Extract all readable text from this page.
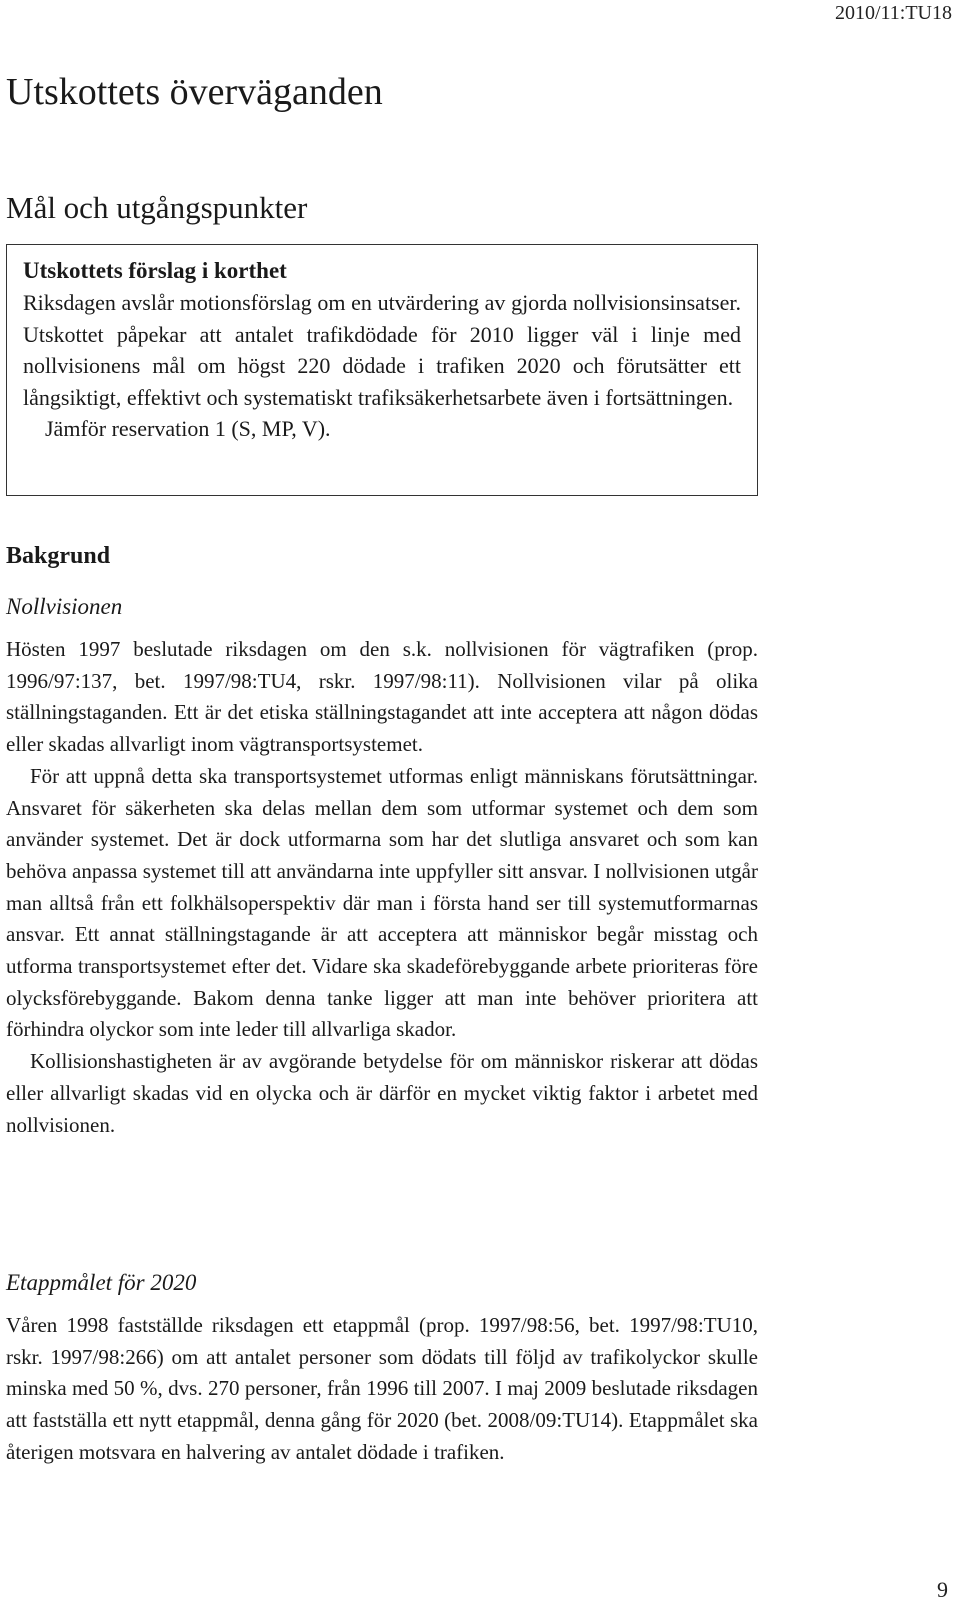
2010/11:TU18
Utskottets överväganden
Mål och utgångspunkter

Utskottets förslag i korthet

Riksdagen avslår motionsförslag om en utvärdering av gjorda nollvisionsinsatser. Utskottet påpekar att antalet trafikdödade för 2010 ligger väl i linje med nollvisionens mål om högst 220 dödade i trafiken 2020 och förutsätter ett långsiktigt, effektivt och systematiskt trafiksäkerhetsarbete även i fortsättningen.

Jämför reservation 1 (S, MP, V).

Bakgrund
Nollvisionen

Hösten 1997 beslutade riksdagen om den s.k. nollvisionen för vägtrafiken (prop. 1996/97:137, bet. 1997/98:TU4, rskr. 1997/98:11). Nollvisionen vilar på olika ställningstaganden. Ett är det etiska ställningstagandet att inte acceptera att någon dödas eller skadas allvarligt inom vägtransportsystemet.

För att uppnå detta ska transportsystemet utformas enligt människans förutsättningar. Ansvaret för säkerheten ska delas mellan dem som utformar systemet och dem som använder systemet. Det är dock utformarna som har det slutliga ansvaret och som kan behöva anpassa systemet till att användarna inte uppfyller sitt ansvar. I nollvisionen utgår man alltså från ett folkhälsoperspektiv där man i första hand ser till systemutformarnas ansvar. Ett annat ställningstagande är att acceptera att människor begår misstag och utforma transportsystemet efter det. Vidare ska skadeförebyggande arbete prioriteras före olycksförebyggande. Bakom denna tanke ligger att man inte behöver prioritera att förhindra olyckor som inte leder till allvarliga skador.

Kollisionshastigheten är av avgörande betydelse för om människor riskerar att dödas eller allvarligt skadas vid en olycka och är därför en mycket viktig faktor i arbetet med nollvisionen.

Etappmålet för 2020

Våren 1998 fastställde riksdagen ett etappmål (prop. 1997/98:56, bet. 1997/98:TU10, rskr. 1997/98:266) om att antalet personer som dödats till följd av trafikolyckor skulle minska med 50 %, dvs. 270 personer, från 1996 till 2007. I maj 2009 beslutade riksdagen att fastställa ett nytt etappmål, denna gång för 2020 (bet. 2008/09:TU14). Etappmålet ska återigen motsvara en halvering av antalet dödade i trafiken.

9
